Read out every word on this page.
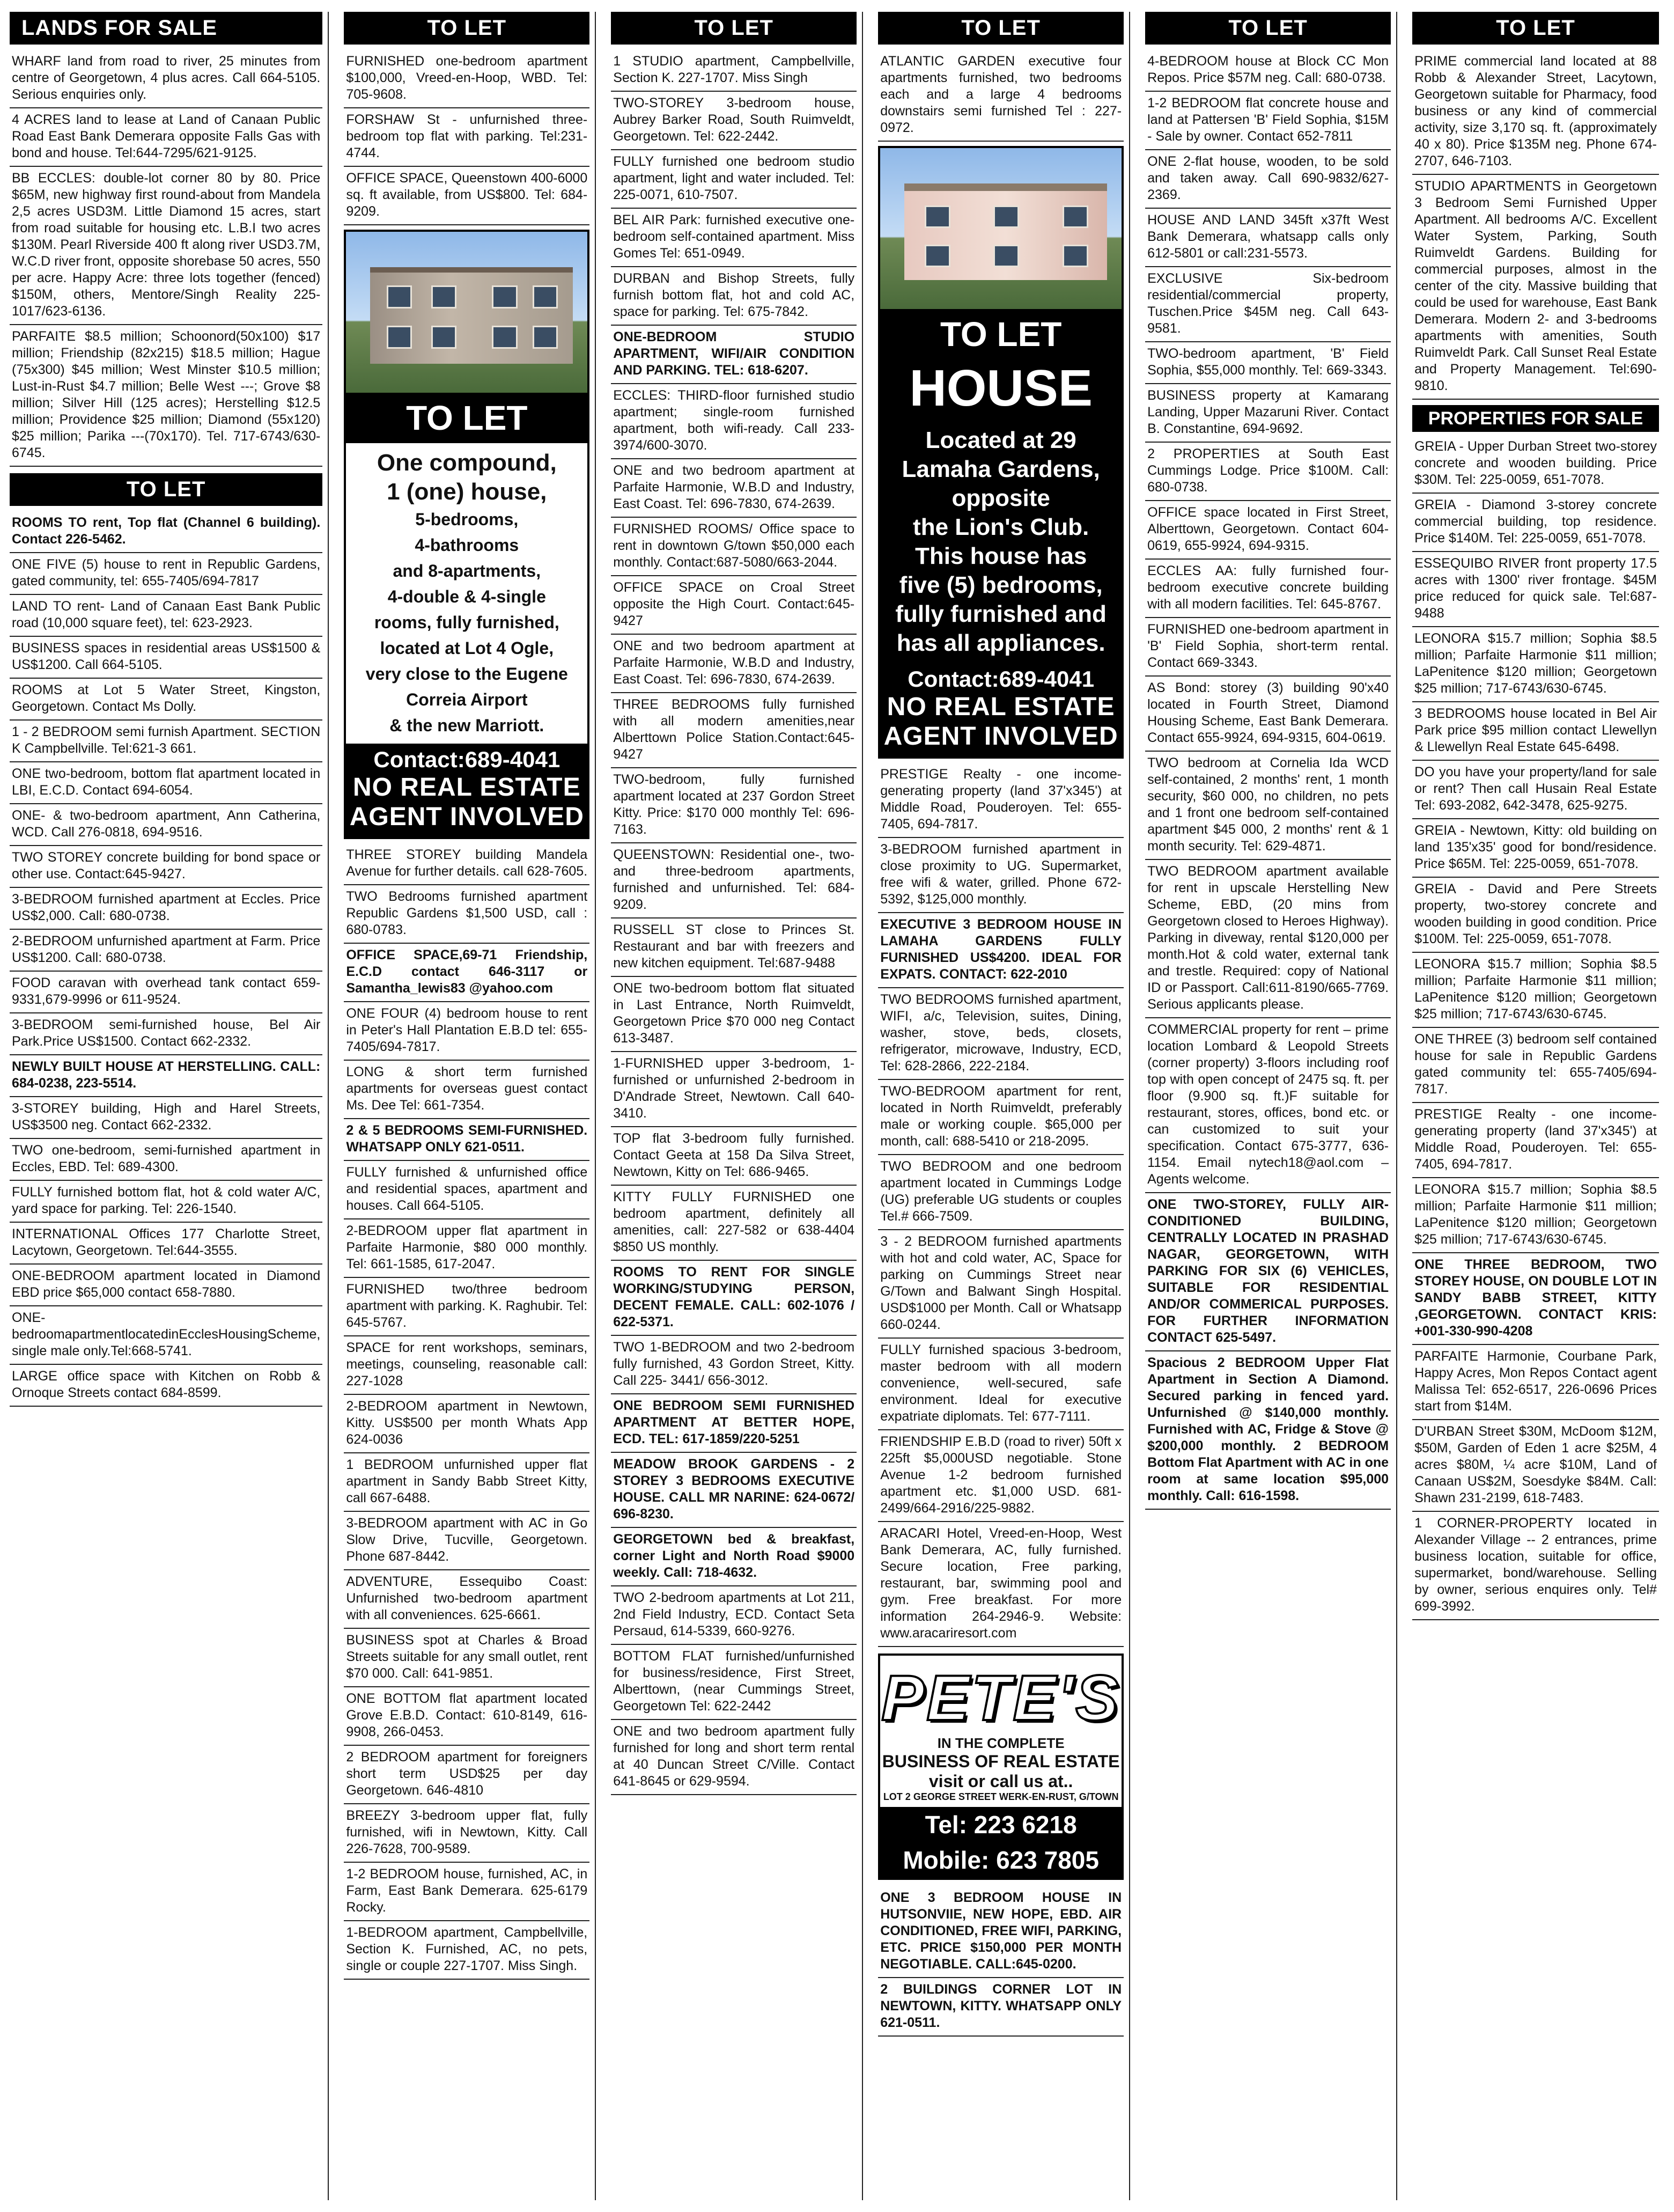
LANDS FOR SALE

WHARF land from road to river, 25 minutes from centre of Georgetown, 4 plus acres. Call 664-5105. Serious enquiries only.

4 ACRES land to lease at Land of Canaan Public Road East Bank Demerara opposite Falls Gas with bond and house. Tel:644-7295/621-9125.

BB ECCLES: double-lot corner 80 by 80. Price $65M, new highway first round-about from Mandela 2,5 acres USD3M. Little Diamond 15 acres, start from road suitable for housing etc. L.B.I two acres $130M. Pearl Riverside 400 ft along river USD3.7M, W.C.D river front, opposite shorebase 50 acres, 550 per acre. Happy Acre: three lots together (fenced) $150M, others, Mentore/Singh Reality 225-1017/623-6136.

PARFAITE $8.5 million; Schoonord(50x100) $17 million; Friendship (82x215) $18.5 million; Hague (75x300) $45 million; West Minster $10.5 million; Lust-in-Rust $4.7 million; Belle West ---; Grove $8 million; Silver Hill (125 acres); Herstelling $12.5 million; Providence $25 million; Diamond (55x120) $25 million; Parika ---(70x170). Tel. 717-6743/630-6745.

TO LET

ROOMS TO rent, Top flat (Channel 6 building). Contact 226-5462.

ONE FIVE (5) house to rent in Republic Gardens, gated community, tel: 655-7405/694-7817

LAND TO rent- Land of Canaan East Bank Public road (10,000 square feet), tel: 623-2923.

BUSINESS spaces in residential areas US$1500 & US$1200. Call 664-5105.

ROOMS at Lot 5 Water Street, Kingston, Georgetown. Contact Ms Dolly.

1 - 2 BEDROOM semi furnish Apartment. SECTION K Campbellville. Tel:621-3 661.

ONE two-bedroom, bottom flat apartment located in LBI, E.C.D. Contact 694-6054.

ONE- & two-bedroom apartment, Ann Catherina, WCD. Call 276-0818, 694-9516.

TWO STOREY concrete building for bond space or other use. Contact:645-9427.

3-BEDROOM furnished apartment at Eccles. Price US$2,000. Call: 680-0738.

2-BEDROOM unfurnished apartment at Farm. Price US$1200. Call: 680-0738.

FOOD caravan with overhead tank contact 659-9331,679-9996 or 611-9524.

3-BEDROOM semi-furnished house, Bel Air Park.Price US$1500. Contact 662-2332.

NEWLY BUILT HOUSE AT HERSTELLING. CALL: 684-0238, 223-5514.

3-STOREY building, High and Harel Streets, US$3500 neg. Contact 662-2332.

TWO one-bedroom, semi-furnished apartment in Eccles, EBD. Tel: 689-4300.

FULLY furnished bottom flat, hot & cold water A/C, yard space for parking. Tel: 226-1540.

INTERNATIONAL Offices 177 Charlotte Street, Lacytown, Georgetown. Tel:644-3555.

ONE-BEDROOM apartment located in Diamond EBD price $65,000 contact 658-7880.

ONE-bedroomapartmentlocatedinEcclesHousingScheme, single male only.Tel:668-5741.

LARGE office space with Kitchen on Robb & Ornoque Streets contact 684-8599.

TO LET

FURNISHED one-bedroom apartment $100,000, Vreed-en-Hoop, WBD. Tel: 705-9608.

FORSHAW St - unfurnished three-bedroom top flat with parking. Tel:231-4744.

OFFICE SPACE, Queenstown 400-6000 sq. ft available, from US$800. Tel: 684-9209.

TO LET
One compound,
1 (one) house,
5-bedrooms,
4-bathrooms
and 8-apartments,
4-double & 4-single
rooms, fully furnished,
located at Lot 4 Ogle,
very close to the Eugene
Correia Airport
& the new Marriott.
Contact:689-4041
NO REAL ESTATE AGENT INVOLVED

THREE STOREY building Mandela Avenue for further details. call 628-7605.

TWO Bedrooms furnished apartment Republic Gardens $1,500 USD, call : 680-0783.

OFFICE SPACE,69-71 Friendship, E.C.D contact 646-3117 or Samantha_lewis83 @yahoo.com

ONE FOUR (4) bedroom house to rent in Peter's Hall Plantation E.B.D tel: 655-7405/694-7817.

LONG & short term furnished apartments for overseas guest contact Ms. Dee Tel: 661-7354.

2 & 5 BEDROOMS SEMI-FURNISHED. WHATSAPP ONLY 621-0511.

FULLY furnished & unfurnished office and residential spaces, apartment and houses. Call 664-5105.

2-BEDROOM upper flat apartment in Parfaite Harmonie, $80 000 monthly. Tel: 661-1585, 617-2047.

FURNISHED two/three bedroom apartment with parking. K. Raghubir. Tel: 645-5767.

SPACE for rent workshops, seminars, meetings, counseling, reasonable call: 227-1028

2-BEDROOM apartment in Newtown, Kitty. US$500 per month Whats App 624-0036

1 BEDROOM unfurnished upper flat apartment in Sandy Babb Street Kitty, call 667-6488.

3-BEDROOM apartment with AC in Go Slow Drive, Tucville, Georgetown. Phone 687-8442.

ADVENTURE, Essequibo Coast: Unfurnished two-bedroom apartment with all conveniences. 625-6661.

BUSINESS spot at Charles & Broad Streets suitable for any small outlet, rent $70 000. Call: 641-9851.

ONE BOTTOM flat apartment located Grove E.B.D. Contact: 610-8149, 616-9908, 266-0453.

2 BEDROOM apartment for foreigners short term USD$25 per day Georgetown. 646-4810

BREEZY 3-bedroom upper flat, fully furnished, wifi in Newtown, Kitty. Call 226-7628, 700-9589.

1-2 BEDROOM house, furnished, AC, in Farm, East Bank Demerara. 625-6179 Rocky.

1-BEDROOM apartment, Campbellville, Section K. Furnished, AC, no pets, single or couple 227-1707. Miss Singh.

TO LET

1 STUDIO apartment, Campbellville, Section K. 227-1707. Miss Singh

TWO-STOREY 3-bedroom house, Aubrey Barker Road, South Ruimveldt, Georgetown. Tel: 622-2442.

FULLY furnished one bedroom studio apartment, light and water included. Tel: 225-0071, 610-7507.

BEL AIR Park: furnished executive one-bedroom self-contained apartment. Miss Gomes Tel: 651-0949.

DURBAN and Bishop Streets, fully furnish bottom flat, hot and cold AC, space for parking. Tel: 675-7842.

ONE-BEDROOM STUDIO APARTMENT, WIFI/AIR CONDITION AND PARKING. TEL: 618-6207.

ECCLES: THIRD-floor furnished studio apartment; single-room furnished apartment, both wifi-ready. Call 233-3974/600-3070.

ONE and two bedroom apartment at Parfaite Harmonie, W.B.D and Industry, East Coast. Tel: 696-7830, 674-2639.

FURNISHED ROOMS/ Office space to rent in downtown G/town $50,000 each monthly. Contact:687-5080/663-2044.

OFFICE SPACE on Croal Street opposite the High Court. Contact:645-9427

ONE and two bedroom apartment at Parfaite Harmonie, W.B.D and Industry, East Coast. Tel: 696-7830, 674-2639.

THREE BEDROOMS fully furnished with all modern amenities,near Alberttown Police Station.Contact:645-9427

TWO-bedroom, fully furnished apartment located at 237 Gordon Street Kitty. Price: $170 000 monthly Tel: 696-7163.

QUEENSTOWN: Residential one-, two- and three-bedroom apartments, furnished and unfurnished. Tel: 684-9209.

RUSSELL ST close to Princes St. Restaurant and bar with freezers and new kitchen equipment. Tel:687-9488

ONE two-bedroom bottom flat situated in Last Entrance, North Ruimveldt, Georgetown Price $70 000 neg Contact 613-3487.

1-FURNISHED upper 3-bedroom, 1-furnished or unfurnished 2-bedroom in D'Andrade Street, Newtown. Call 640-3410.

TOP flat 3-bedroom fully furnished. Contact Geeta at 158 Da Silva Street, Newtown, Kitty on Tel: 686-9465.

KITTY FULLY FURNISHED one bedroom apartment, definitely all amenities, call: 227-582 or 638-4404 $850 US monthly.

ROOMS TO RENT FOR SINGLE WORKING/STUDYING PERSON, DECENT FEMALE. CALL: 602-1076 / 622-5371.

TWO 1-BEDROOM and two 2-bedroom fully furnished, 43 Gordon Street, Kitty. Call 225- 3441/ 656-3012.

ONE BEDROOM SEMI FURNISHED APARTMENT AT BETTER HOPE, ECD. TEL: 617-1859/220-5251

MEADOW BROOK GARDENS - 2 STOREY 3 BEDROOMS EXECUTIVE HOUSE. CALL MR NARINE: 624-0672/ 696-8230.

GEORGETOWN bed & breakfast, corner Light and North Road $9000 weekly. Call: 718-4632.

TWO 2-bedroom apartments at Lot 211, 2nd Field Industry, ECD. Contact Seta Persaud, 614-5339, 660-9276.

BOTTOM FLAT furnished/unfurnished for business/residence, First Street, Alberttown, (near Cummings Street, Georgetown Tel: 622-2442

ONE and two bedroom apartment fully furnished for long and short term rental at 40 Duncan Street C/Ville. Contact 641-8645 or 629-9594.

TO LET

ATLANTIC GARDEN executive four apartments furnished, two bedrooms each and a large 4 bedrooms downstairs semi furnished Tel : 227-0972.

TO LET
HOUSE
Located at 29
Lamaha Gardens,
opposite
the Lion's Club.
This house has
five (5) bedrooms,
fully furnished and
has all appliances.
Contact:689-4041
NO REAL ESTATE AGENT INVOLVED

PRESTIGE Realty - one income-generating property (land 37'x345') at Middle Road, Pouderoyen. Tel: 655-7405, 694-7817.

3-BEDROOM furnished apartment in close proximity to UG. Supermarket, free wifi & water, grilled. Phone 672-5392, $125,000 monthly.

EXECUTIVE 3 BEDROOM HOUSE IN LAMAHA GARDENS FULLY FURNISHED US$4200. IDEAL FOR EXPATS. CONTACT: 622-2010

TWO BEDROOMS furnished apartment, WIFI, a/c, Television, suites, Dining, washer, stove, beds, closets, refrigerator, microwave, Industry, ECD, Tel: 628-2866, 222-2184.

TWO-BEDROOM apartment for rent, located in North Ruimveldt, preferably male or working couple. $65,000 per month, call: 688-5410 or 218-2095.

TWO BEDROOM and one bedroom apartment located in Cummings Lodge (UG) preferable UG students or couples Tel.# 666-7509.

3 - 2 BEDROOM furnished apartments with hot and cold water, AC, Space for parking on Cummings Street near G/Town and Balwant Singh Hospital. USD$1000 per Month. Call or Whatsapp 660-0244.

FULLY furnished spacious 3-bedroom, master bedroom with all modern convenience, well-secured, safe environment. Ideal for executive expatriate diplomats. Tel: 677-7111.

FRIENDSHIP E.B.D (road to river) 50ft x 225ft $5,000USD negotiable. Stone Avenue 1-2 bedroom furnished apartment etc. $1,000 USD. 681-2499/664-2916/225-9882.

ARACARI Hotel, Vreed-en-Hoop, West Bank Demerara, AC, fully furnished. Secure location, Free parking, restaurant, bar, swimming pool and gym. Free breakfast. For more information 264-2946-9. Website: www.aracariresort.com

PETE'S
IN THE COMPLETE
BUSINESS OF REAL ESTATE
visit or call us at..
LOT 2 GEORGE STREET WERK-EN-RUST, G/TOWN
Tel: 223 6218
Mobile: 623 7805

ONE 3 BEDROOM HOUSE IN HUTSONVIIE, NEW HOPE, EBD. AIR CONDITIONED, FREE WIFI, PARKING, ETC. PRICE $150,000 PER MONTH NEGOTIABLE. CALL:645-0200.

2 BUILDINGS CORNER LOT IN NEWTOWN, KITTY. WHATSAPP ONLY 621-0511.

TO LET

4-BEDROOM house at Block CC Mon Repos. Price $57M neg. Call: 680-0738.

1-2 BEDROOM flat concrete house and land at Pattersen 'B' Field Sophia, $15M - Sale by owner. Contact 652-7811

ONE 2-flat house, wooden, to be sold and taken away. Call 690-9832/627-2369.

HOUSE AND LAND 345ft x37ft West Bank Demerara, whatsapp calls only 612-5801 or call:231-5573.

EXCLUSIVE Six-bedroom residential/commercial property, Tuschen.Price $45M neg. Call 643-9581.

TWO-bedroom apartment, 'B' Field Sophia, $55,000 monthly. Tel: 669-3343.

BUSINESS property at Kamarang Landing, Upper Mazaruni River. Contact B. Constantine, 694-9692.

2 PROPERTIES at South East Cummings Lodge. Price $100M. Call: 680-0738.

OFFICE space located in First Street, Alberttown, Georgetown. Contact 604-0619, 655-9924, 694-9315.

ECCLES AA: fully furnished four-bedroom executive concrete building with all modern facilities. Tel: 645-8767.

FURNISHED one-bedroom apartment in 'B' Field Sophia, short-term rental. Contact 669-3343.

AS Bond: storey (3) building 90'x40 located in Fourth Street, Diamond Housing Scheme, East Bank Demerara. Contact 655-9924, 694-9315, 604-0619.

TWO bedroom at Cornelia Ida WCD self-contained, 2 months' rent, 1 month security, $60 000, no children, no pets and 1 front one bedroom self-contained apartment $45 000, 2 months' rent & 1 month security. Tel: 629-4871.

TWO BEDROOM apartment available for rent in upscale Herstelling New Scheme, EBD, (20 mins from Georgetown closed to Heroes Highway). Parking in diveway, rental $120,000 per month.Hot & cold water, external tank and trestle. Required: copy of National ID or Passport. Call:611-8190/665-7769. Serious applicants please.

COMMERCIAL property for rent – prime location Lombard & Leopold Streets (corner property) 3-floors including roof top with open concept of 2475 sq. ft. per floor (9.900 sq. ft.)F suitable for restaurant, stores, offices, bond etc. or can customized to suit your specification. Contact 675-3777, 636-1154. Email nytech18@aol.com – Agents welcome.

ONE TWO-STOREY, FULLY AIR-CONDITIONED BUILDING, CENTRALLY LOCATED IN PRASHAD NAGAR, GEORGETOWN, WITH PARKING FOR SIX (6) VEHICLES, SUITABLE FOR RESIDENTIAL AND/OR COMMERICAL PURPOSES. FOR FURTHER INFORMATION CONTACT 625-5497.

Spacious 2 BEDROOM Upper Flat Apartment in Section A Diamond. Secured parking in fenced yard. Unfurnished @ $140,000 monthly. Furnished with AC, Fridge & Stove @ $200,000 monthly. 2 BEDROOM Bottom Flat Apartment with AC in one room at same location $95,000 monthly. Call: 616-1598.

TO LET

PRIME commercial land located at 88 Robb & Alexander Street, Lacytown, Georgetown suitable for Pharmacy, food business or any kind of commercial activity, size 3,170 sq. ft. (approximately 40 x 80). Price $135M neg. Phone 674-2707, 646-7103.

STUDIO APARTMENTS in Georgetown 3 Bedroom Semi Furnished Upper Apartment. All bedrooms A/C. Excellent Water System, Parking, South Ruimveldt Gardens. Building for commercial purposes, almost in the center of the city. Massive building that could be used for warehouse, East Bank Demerara. Modern 2- and 3-bedrooms apartments with amenities, South Ruimveldt Park. Call Sunset Real Estate and Property Management. Tel:690-9810.

PROPERTIES FOR SALE

GREIA - Upper Durban Street two-storey concrete and wooden building. Price $30M. Tel: 225-0059, 651-7078.

GREIA - Diamond 3-storey concrete commercial building, top residence. Price $140M. Tel: 225-0059, 651-7078.

ESSEQUIBO RIVER front property 17.5 acres with 1300' river frontage. $45M price reduced for quick sale. Tel:687-9488

LEONORA $15.7 million; Sophia $8.5 million; Parfaite Harmonie $11 million; LaPenitence $120 million; Georgetown $25 million; 717-6743/630-6745.

3 BEDROOMS house located in Bel Air Park price $95 million contact Llewellyn & Llewellyn Real Estate 645-6498.

DO you have your property/land for sale or rent? Then call Husain Real Estate Tel: 693-2082, 642-3478, 625-9275.

GREIA - Newtown, Kitty: old building on land 135'x35' good for bond/residence. Price $65M. Tel: 225-0059, 651-7078.

GREIA - David and Pere Streets property, two-storey concrete and wooden building in good condition. Price $100M. Tel: 225-0059, 651-7078.

LEONORA $15.7 million; Sophia $8.5 million; Parfaite Harmonie $11 million; LaPenitence $120 million; Georgetown $25 million; 717-6743/630-6745.

ONE THREE (3) bedroom self contained house for sale in Republic Gardens gated community tel: 655-7405/694-7817.

PRESTIGE Realty - one income-generating property (land 37'x345') at Middle Road, Pouderoyen. Tel: 655-7405, 694-7817.

LEONORA $15.7 million; Sophia $8.5 million; Parfaite Harmonie $11 million; LaPenitence $120 million; Georgetown $25 million; 717-6743/630-6745.

ONE THREE BEDROOM, TWO STOREY HOUSE, ON DOUBLE LOT IN SANDY BABB STREET, KITTY ,GEORGETOWN. CONTACT KRIS: +001-330-990-4208

PARFAITE Harmonie, Courbane Park, Happy Acres, Mon Repos Contact agent Malissa Tel: 652-6517, 226-0696 Prices start from $14M.

D'URBAN Street $30M, McDoom $12M, $50M, Garden of Eden 1 acre $25M, 4 acres $80M, ¼ acre $10M, Land of Canaan US$2M, Soesdyke $84M. Call: Shawn 231-2199, 618-7483.

1 CORNER-PROPERTY located in Alexander Village -- 2 entrances, prime business location, suitable for office, supermarket, bond/warehouse. Selling by owner, serious enquires only. Tel# 699-3992.
